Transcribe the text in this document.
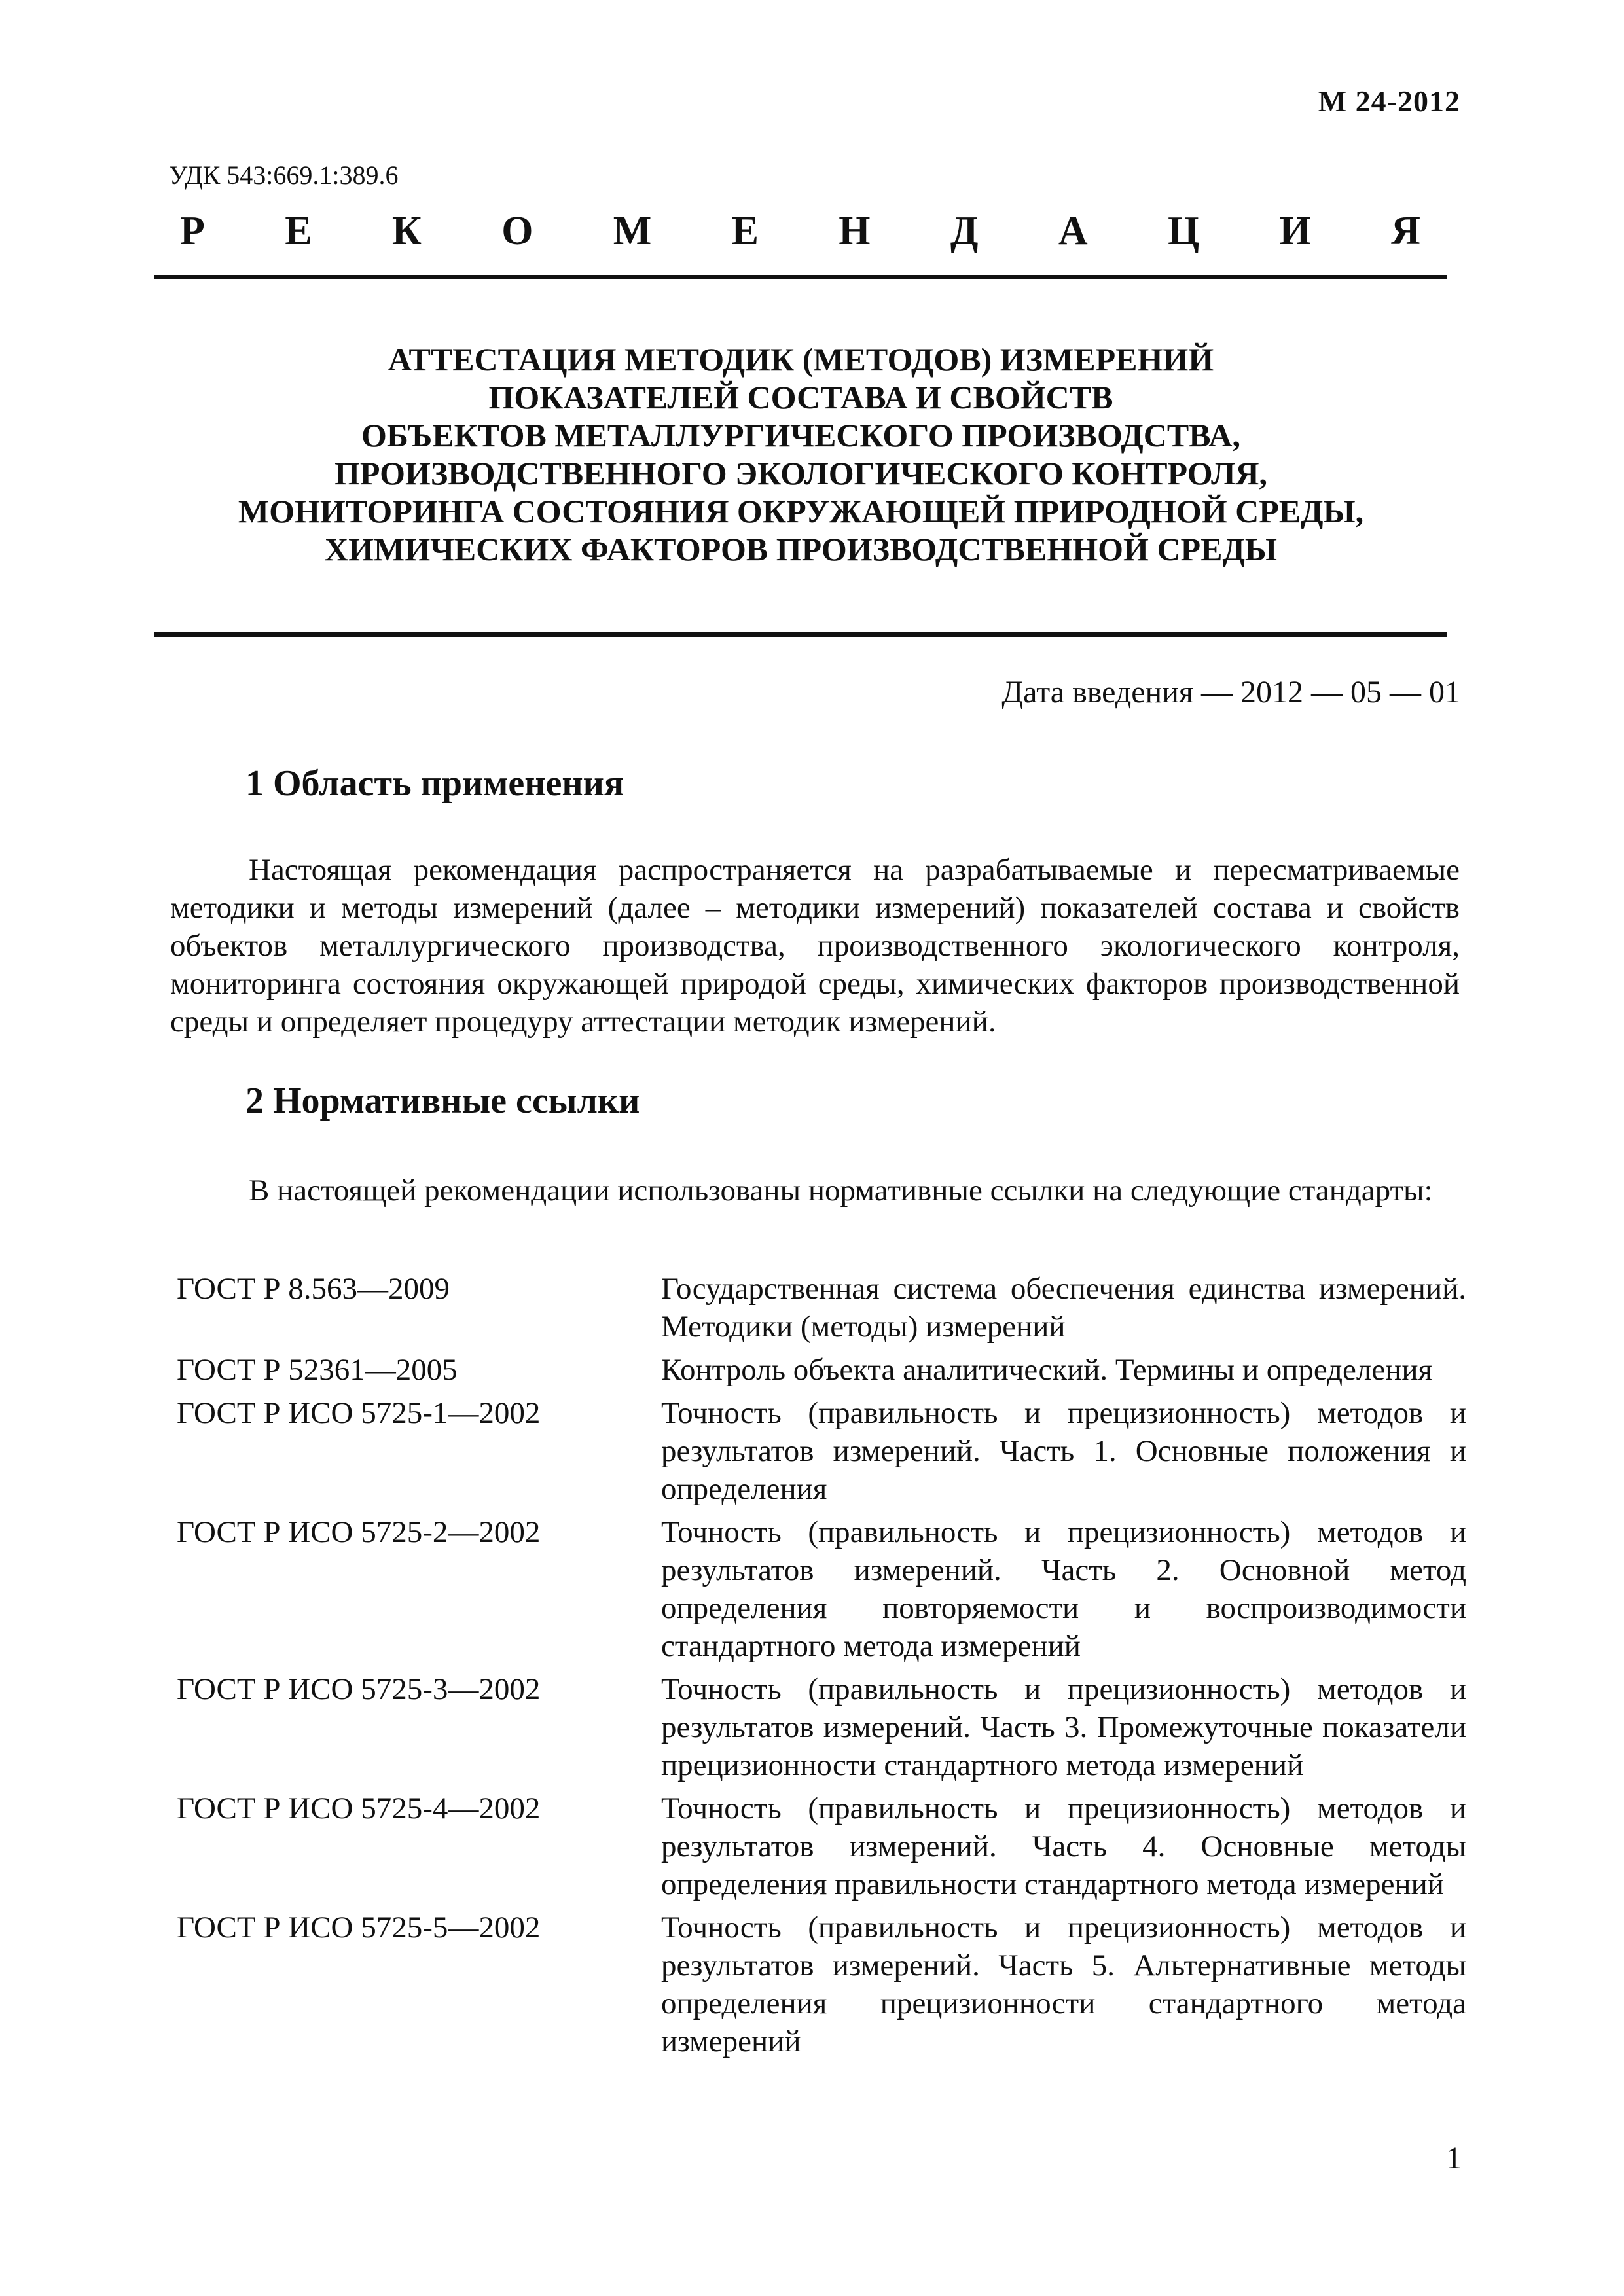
М 24-2012
УДК 543:669.1:389.6
Р Е К О М Е Н Д А Ц И Я
АТТЕСТАЦИЯ МЕТОДИК (МЕТОДОВ) ИЗМЕРЕНИЙ
ПОКАЗАТЕЛЕЙ СОСТАВА И СВОЙСТВ
ОБЪЕКТОВ МЕТАЛЛУРГИЧЕСКОГО ПРОИЗВОДСТВА,
ПРОИЗВОДСТВЕННОГО ЭКОЛОГИЧЕСКОГО КОНТРОЛЯ,
МОНИТОРИНГА СОСТОЯНИЯ ОКРУЖАЮЩЕЙ ПРИРОДНОЙ СРЕДЫ,
ХИМИЧЕСКИХ ФАКТОРОВ ПРОИЗВОДСТВЕННОЙ СРЕДЫ
Дата введения — 2012 — 05 — 01
1 Область применения
Настоящая рекомендация распространяется на разрабатываемые и пересматриваемые методики и методы измерений (далее – методики измерений) показателей состава и свойств объектов металлургического производства, производственного экологического контроля, мониторинга состояния окружающей природой среды, химических факторов производственной среды и определяет процедуру аттестации методик измерений.
2 Нормативные ссылки
В настоящей рекомендации использованы нормативные ссылки на следующие стандарты:
ГОСТ Р 8.563—2009	Государственная система обеспечения единства измерений. Методики (методы) измерений
ГОСТ Р 52361—2005	Контроль объекта аналитический. Термины и определения
ГОСТ Р ИСО 5725-1—2002	Точность (правильность и прецизионность) методов и результатов измерений. Часть 1. Основные положения и определения
ГОСТ Р ИСО 5725-2—2002	Точность (правильность и прецизионность) методов и результатов измерений. Часть 2. Основной метод определения повторяемости и воспроизводимости стандартного метода измерений
ГОСТ Р ИСО 5725-3—2002	Точность (правильность и прецизионность) методов и результатов измерений. Часть 3. Промежуточные показатели прецизионности стандартного метода измерений
ГОСТ Р ИСО 5725-4—2002	Точность (правильность и прецизионность) методов и результатов измерений. Часть 4. Основные методы определения правильности стандартного метода измерений
ГОСТ Р ИСО 5725-5—2002	Точность (правильность и прецизионность) методов и результатов измерений. Часть 5. Альтернативные методы определения прецизионности стандартного метода измерений
1
